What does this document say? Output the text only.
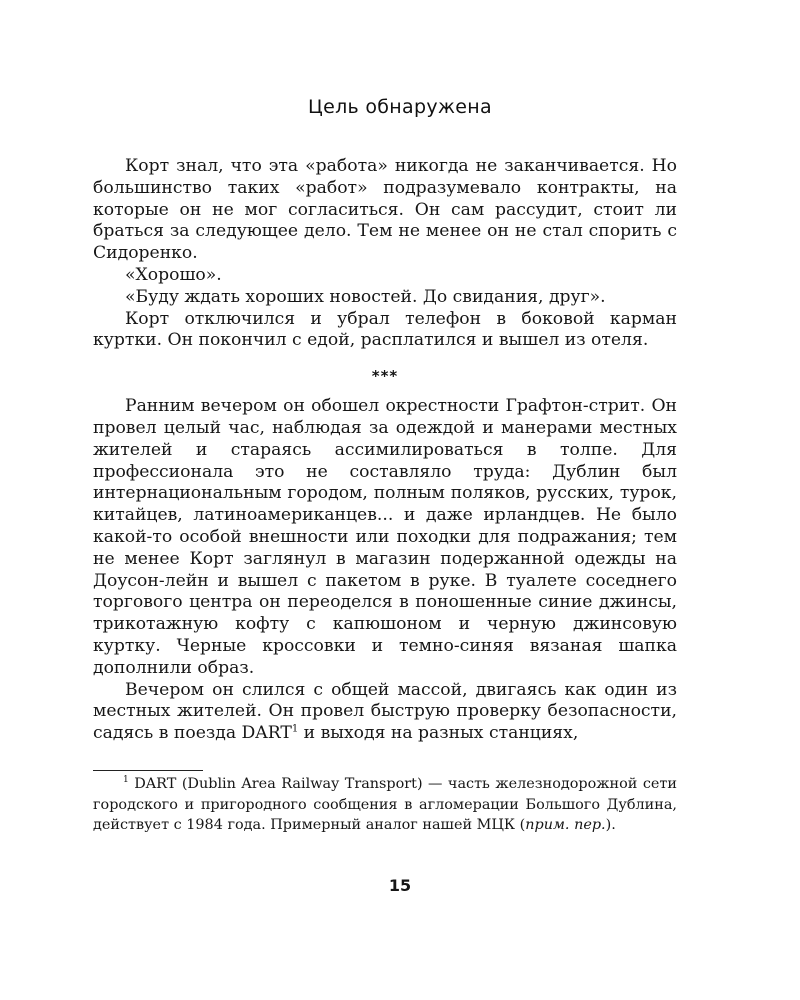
Цель обнаружена

Корт знал, что эта «работа» никогда не заканчивается. Но большинство таких «работ» подразумевало контракты, на которые он не мог согласиться. Он сам рассудит, стоит ли браться за следующее дело. Тем не менее он не стал спорить с Сидоренко.

«Хорошо».

«Буду ждать хороших новостей. До свидания, друг».

Корт отключился и убрал телефон в боковой карман куртки. Он покончил с едой, расплатился и вышел из отеля.

***

Ранним вечером он обошел окрестности Графтон-стрит. Он провел целый час, наблюдая за одеждой и манерами местных жителей и стараясь ассимилироваться в толпе. Для профессионала это не составляло труда: Дублин был интернациональным городом, полным поляков, русских, турок, китайцев, латиноамериканцев... и даже ирландцев. Не было какой-то особой внешности или походки для подражания; тем не менее Корт заглянул в магазин подержанной одежды на Доусон-лейн и вышел с пакетом в руке. В туалете соседнего торгового центра он переоделся в поношенные синие джинсы, трикотажную кофту с капюшоном и черную джинсовую куртку. Черные кроссовки и темно-синяя вязаная шапка дополнили образ.

Вечером он слился с общей массой, двигаясь как один из местных жителей. Он провел быструю проверку безопасности, садясь в поезда DART$^1$ и выходя на разных станциях,

$^1$ DART (Dublin Area Railway Transport) — часть железнодорожной сети городского и пригородного сообщения в агломерации Большого Дублина, действует с 1984 года. Примерный аналог нашей МЦК (прим. пер.).
15
